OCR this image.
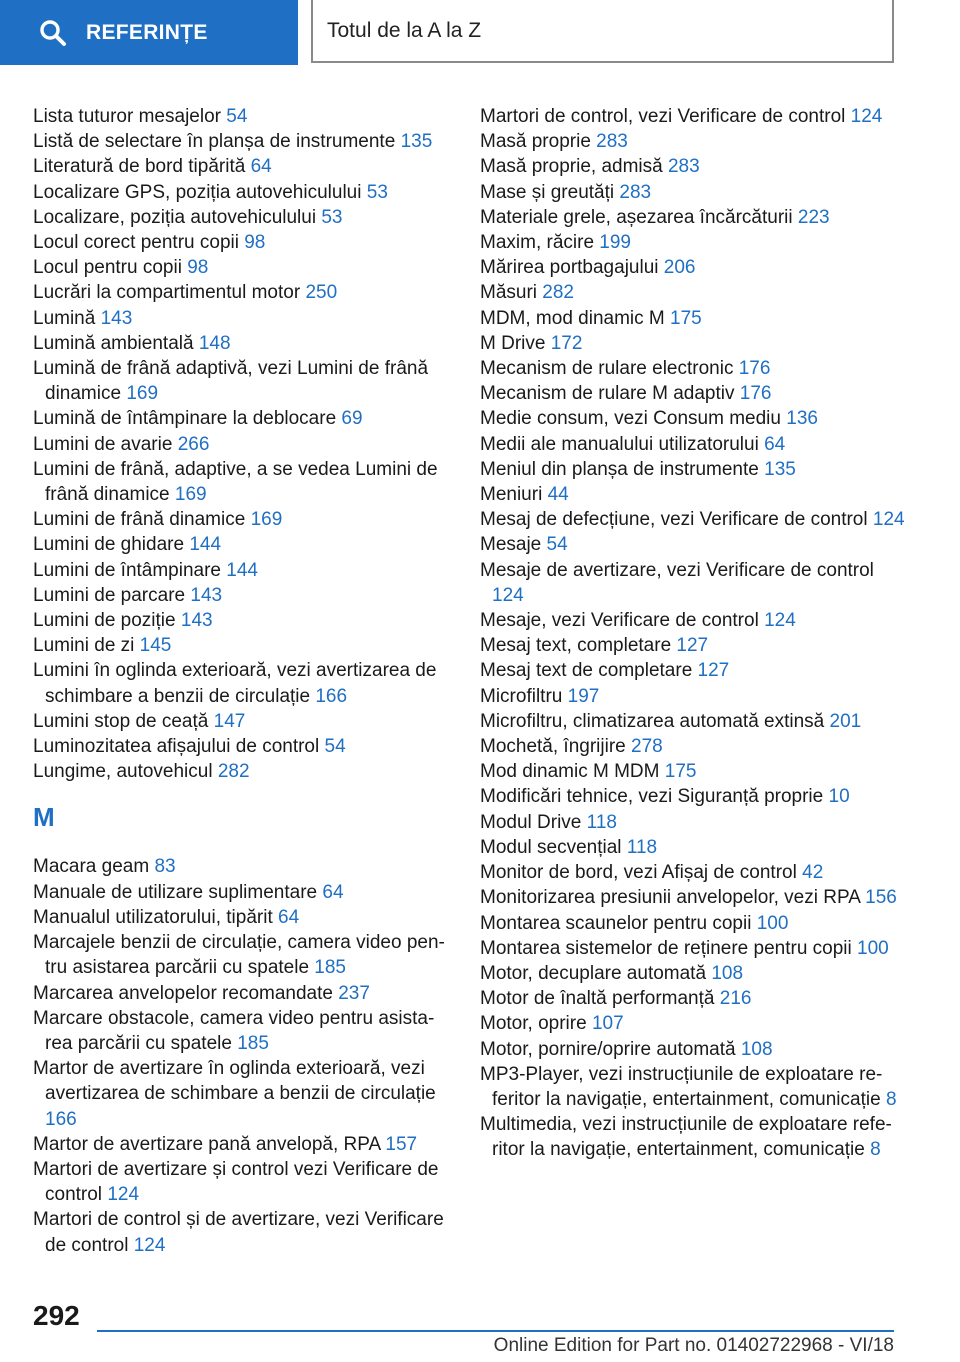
REFERINȚE	Totul de la A la Z
Lista tuturor mesajelor 54
Listă de selectare în planșa de instrumente 135
Literatură de bord tipărită 64
Localizare GPS, poziția autovehiculului 53
Localizare, poziția autovehiculului 53
Locul corect pentru copii 98
Locul pentru copii 98
Lucrări la compartimentul motor 250
Lumină 143
Lumină ambientală 148
Lumină de frână adaptivă, vezi Lumini de frână dinamice 169
Lumină de întâmpinare la deblocare 69
Lumini de avarie 266
Lumini de frână, adaptive, a se vedea Lumini de frână dinamice 169
Lumini de frână dinamice 169
Lumini de ghidare 144
Lumini de întâmpinare 144
Lumini de parcare 143
Lumini de poziție 143
Lumini de zi 145
Lumini în oglinda exterioară, vezi avertizarea de schimbare a benzii de circulație 166
Lumini stop de ceață 147
Luminozitatea afișajului de control 54
Lungime, autovehicul 282
M
Macara geam 83
Manuale de utilizare suplimentare 64
Manualul utilizatorului, tipărit 64
Marcajele benzii de circulație, camera video pentru asistarea parcării cu spatele 185
Marcarea anvelopelor recomandate 237
Marcare obstacole, camera video pentru asistarea parcării cu spatele 185
Martor de avertizare în oglinda exterioară, vezi avertizarea de schimbare a benzii de circulație 166
Martor de avertizare pană anvelopă, RPA 157
Martori de avertizare și control vezi Verificare de control 124
Martori de control și de avertizare, vezi Verificare de control 124
Martori de control, vezi Verificare de control 124
Masă proprie 283
Masă proprie, admisă 283
Mase și greutăți 283
Materiale grele, așezarea încărcăturii 223
Maxim, răcire 199
Mărirea portbagajului 206
Măsuri 282
MDM, mod dinamic M 175
M Drive 172
Mecanism de rulare electronic 176
Mecanism de rulare M adaptiv 176
Medie consum, vezi Consum mediu 136
Medii ale manualului utilizatorului 64
Meniul din planșa de instrumente 135
Meniuri 44
Mesaj de defecțiune, vezi Verificare de control 124
Mesaje 54
Mesaje de avertizare, vezi Verificare de control 124
Mesaje, vezi Verificare de control 124
Mesaj text, completare 127
Mesaj text de completare 127
Microfiltru 197
Microfiltru, climatizarea automată extinsă 201
Mochetă, îngrijire 278
Mod dinamic M MDM 175
Modificări tehnice, vezi Siguranță proprie 10
Modul Drive 118
Modul secvențial 118
Monitor de bord, vezi Afișaj de control 42
Monitorizarea presiunii anvelopelor, vezi RPA 156
Montarea scaunelor pentru copii 100
Montarea sistemelor de reținere pentru copii 100
Motor, decuplare automată 108
Motor de înaltă performanță 216
Motor, oprire 107
Motor, pornire/oprire automată 108
MP3-Player, vezi instrucțiunile de exploatare referitor la navigație, entertainment, comunicație 8
Multimedia, vezi instrucțiunile de exploatare referitor la navigație, entertainment, comunicație 8
292
Online Edition for Part no. 01402722968 - VI/18
